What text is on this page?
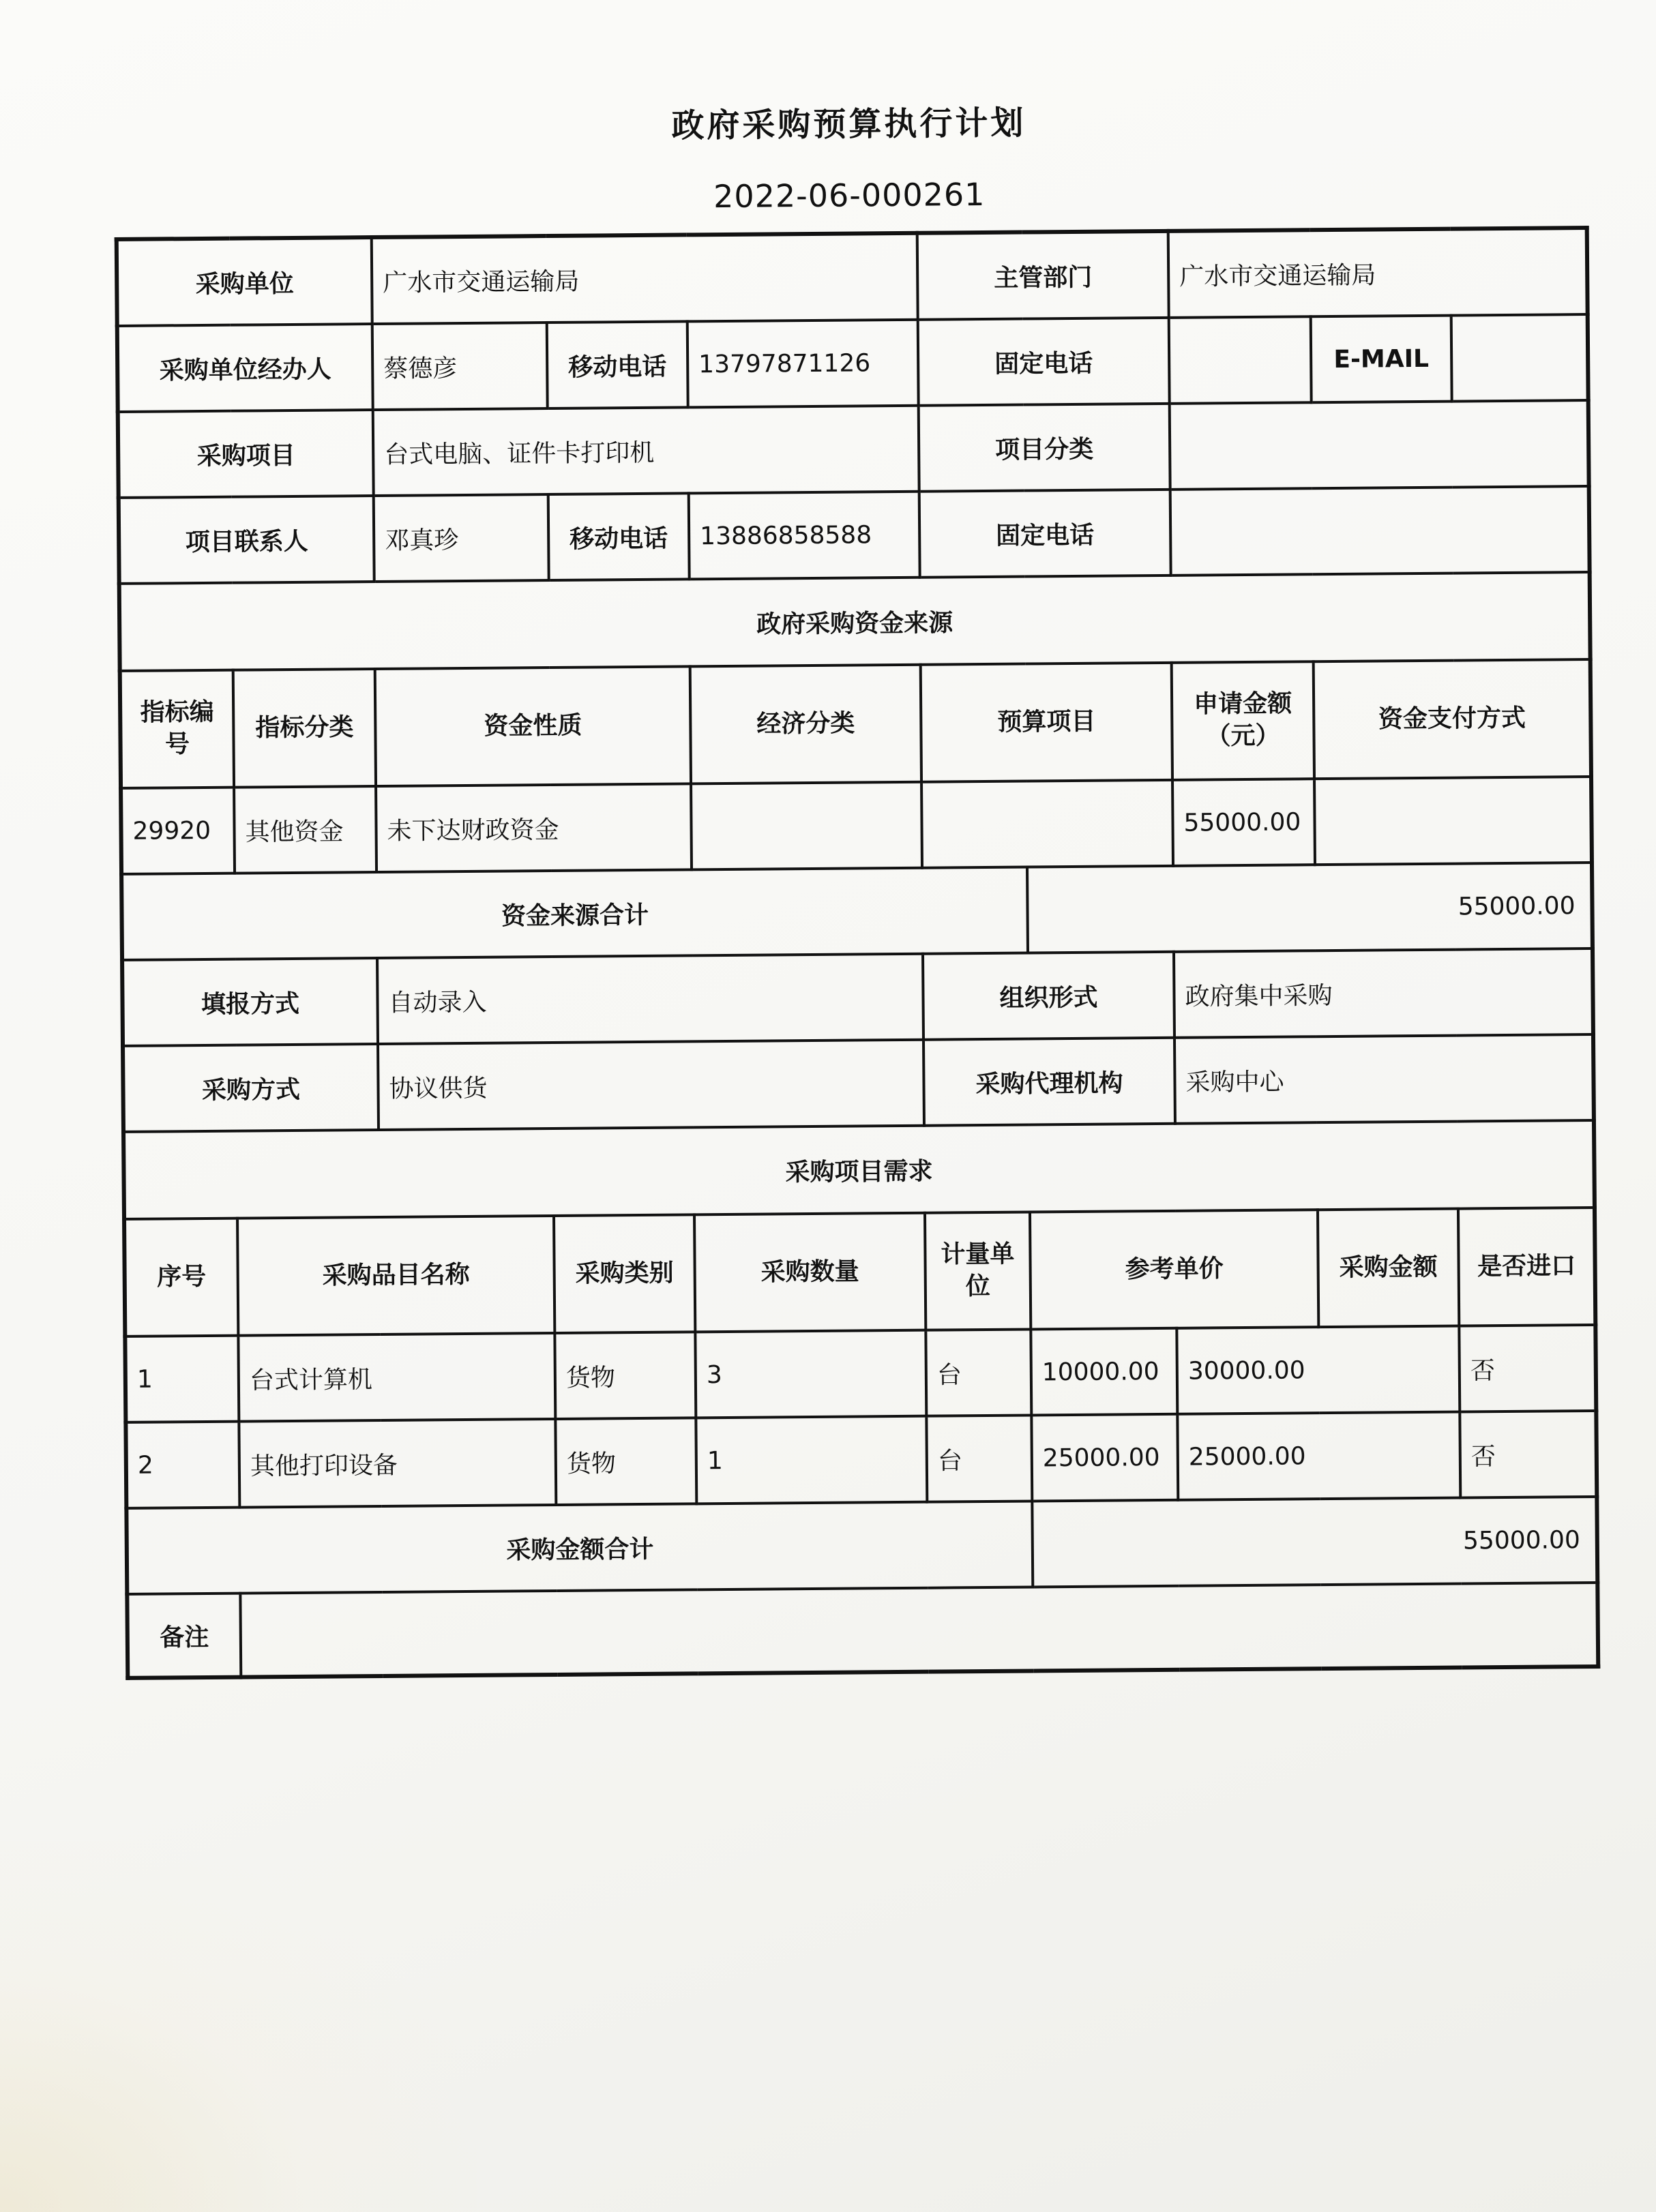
政府采购预算执行计划
2022-06-000261
采购单位		广水市交通运输局			主管部门		广水市交通运输局		
采购单位经办人		蔡德彦	移动电话	13797871126	固定电话			E-MAIL	
采购项目		台式电脑、证件卡打印机			项目分类				
项目联系人		邓真珍	移动电话	13886858588	固定电话				
政府采购资金来源									
指标编号	指标分类	资金性质		经济分类	预算项目		申请金额（元）	资金支付方式	
29920	其他资金	未下达财政资金					55000.00		
资金来源合计						55000.00			
填报方式		自动录入			组织形式		政府集中采购		
采购方式		协议供货			采购代理机构		采购中心		
采购项目需求									
序号	采购品目名称		采购类别	采购数量	计量单位	参考单价		采购金额	是否进口
1	台式计算机		货物	3	台	10000.00	30000.00		否
2	其他打印设备		货物	1	台	25000.00	25000.00		否
采购金额合计						55000.00			
备注									
